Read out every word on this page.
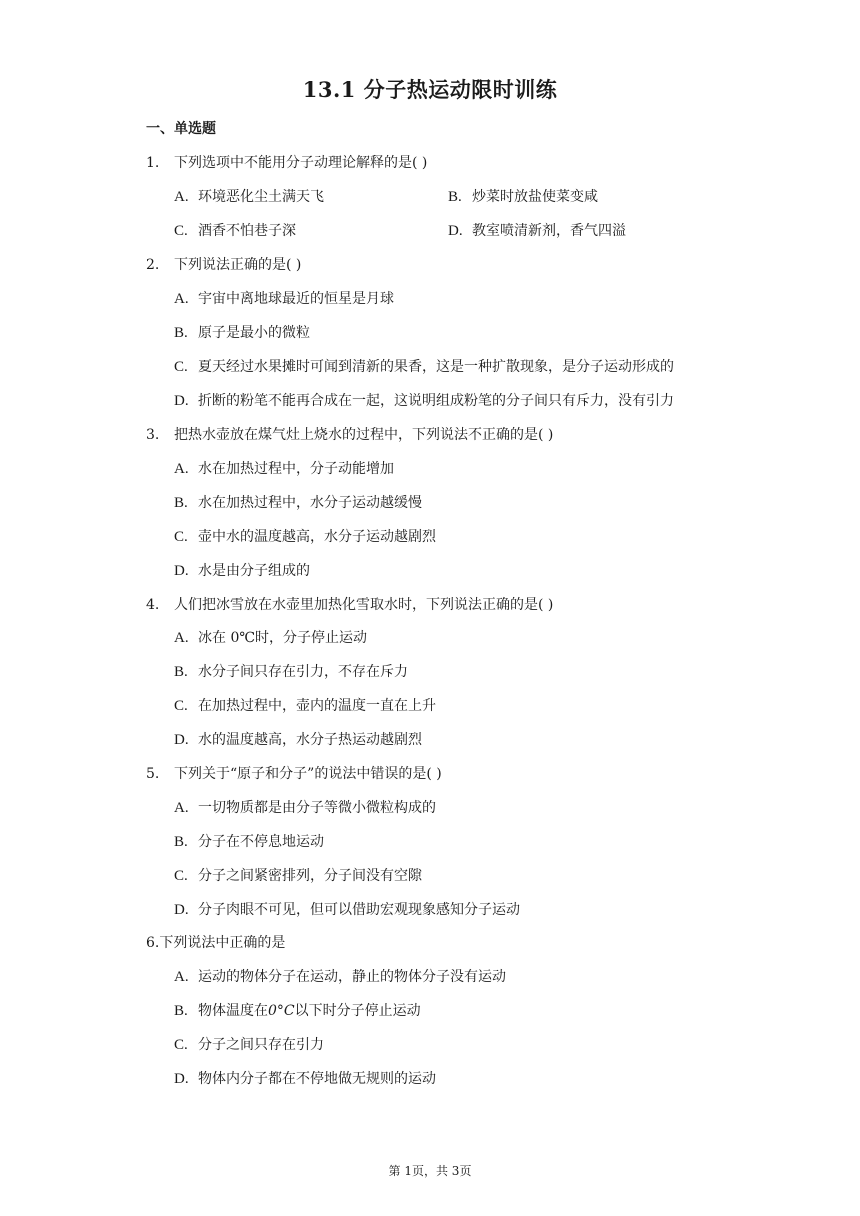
13.1 分子热运动限时训练
一、单选题
1. 下列选项中不能用分子动理论解释的是( )
A. 环境恶化尘土满天飞	B. 炒菜时放盐使菜变咸
C. 酒香不怕巷子深	D. 教室喷清新剂，香气四溢
2. 下列说法正确的是( )
A. 宇宙中离地球最近的恒星是月球
B. 原子是最小的微粒
C. 夏天经过水果摊时可闻到清新的果香，这是一种扩散现象，是分子运动形成的
D. 折断的粉笔不能再合成在一起，这说明组成粉笔的分子间只有斥力，没有引力
3. 把热水壶放在煤气灶上烧水的过程中，下列说法不正确的是( )
A. 水在加热过程中，分子动能增加
B. 水在加热过程中，水分子运动越缓慢
C. 壶中水的温度越高，水分子运动越剧烈
D. 水是由分子组成的
4. 人们把冰雪放在水壶里加热化雪取水时，下列说法正确的是( )
A. 冰在 0℃时，分子停止运动
B. 水分子间只存在引力，不存在斥力
C. 在加热过程中，壶内的温度一直在上升
D. 水的温度越高，水分子热运动越剧烈
5. 下列关于“原子和分子”的说法中错误的是( )
A. 一切物质都是由分子等微小微粒构成的
B. 分子在不停息地运动
C. 分子之间紧密排列，分子间没有空隙
D. 分子肉眼不可见，但可以借助宏观现象感知分子运动
6.下列说法中正确的是
A. 运动的物体分子在运动，静止的物体分子没有运动
B. 物体温度在0°C以下时分子停止运动
C. 分子之间只存在引力
D. 物体内分子都在不停地做无规则的运动
第 1页，共 3页
